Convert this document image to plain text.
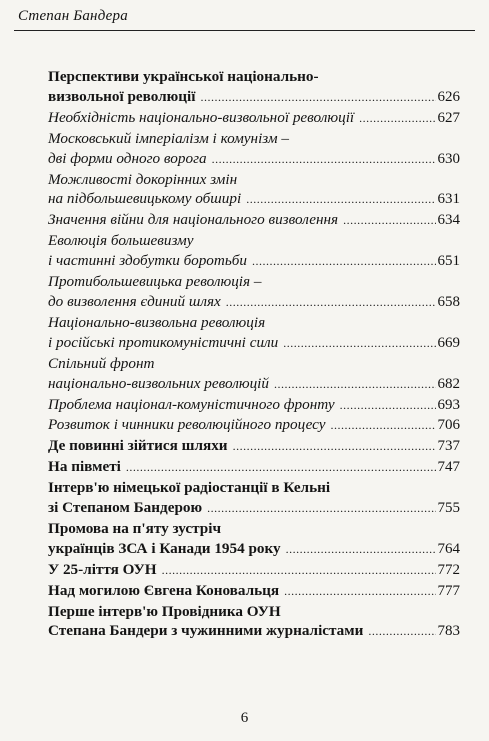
Степан Бандера
Перспективи української національно-
визвольної революції .....	626
Необхідність національно-визвольної революції .....	627
Московський імперіалізм і комунізм –
дві форми одного ворога .....	630
Можливості докорінних змін
на підбольшевицькому обширі .....	631
Значення війни для національного визволення .....	634
Еволюція большевизму
і частинні здобутки боротьби .....	651
Протибольшевицька революція –
до визволення єдиний шлях .....	658
Національно-визвольна революція
і російські протикомуністичні сили .....	669
Спільний фронт
національно-визвольних революцій .....	682
Проблема націонал-комуністичного фронту .....	693
Розвиток і чинники революційного процесу .....	706
Де повинні зійтися шляхи .....	737
На півметі .....	747
Інтерв'ю німецької радіостанції в Кельні
зі Степаном Бандерою .....	755
Промова на п'яту зустріч
українців ЗСА і Канади 1954 року .....	764
У 25-ліття ОУН .....	772
Над могилою Євгена Коновальця .....	777
Перше інтерв'ю Провідника ОУН
Степана Бандери з чужинними журналістами .....	783
6
